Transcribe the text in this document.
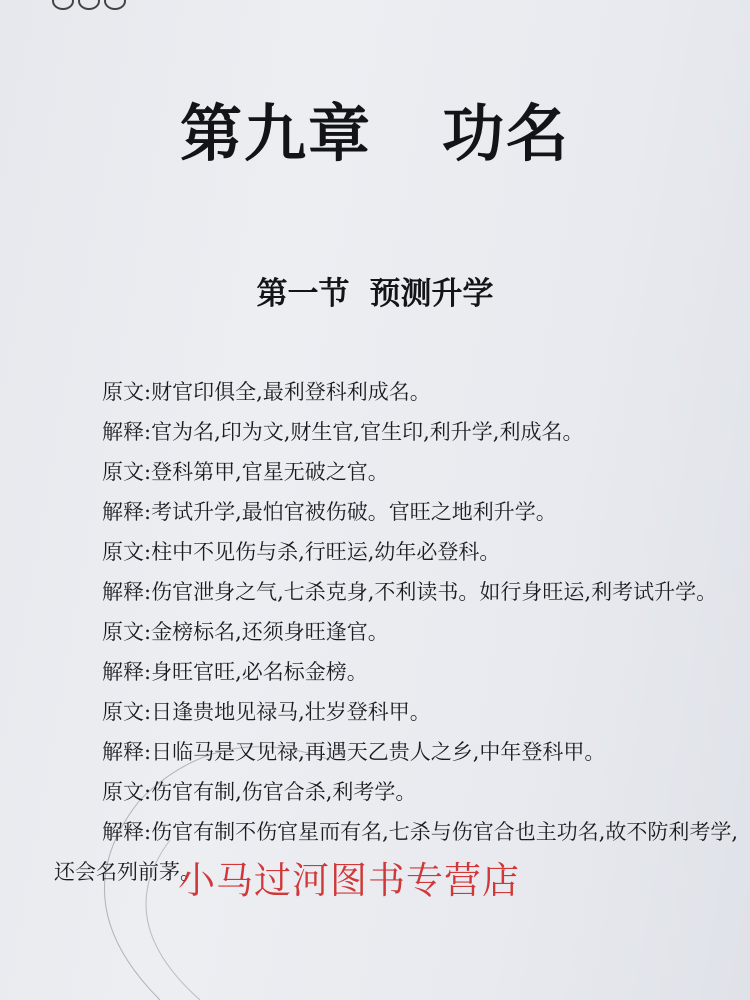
第九章 功名
第一节 预测升学

原文:财官印俱全,最利登科利成名。

解释:官为名,印为文,财生官,官生印,利升学,利成名。

原文:登科第甲,官星无破之官。

解释:考试升学,最怕官被伤破。官旺之地利升学。

原文:柱中不见伤与杀,行旺运,幼年必登科。

解释:伤官泄身之气,七杀克身,不利读书。如行身旺运,利考试升学。

原文:金榜标名,还须身旺逢官。

解释:身旺官旺,必名标金榜。

原文:日逢贵地见禄马,壮岁登科甲。

解释:日临马是又见禄,再遇天乙贵人之乡,中年登科甲。

原文:伤官有制,伤官合杀,利考学。

解释:伤官有制不伤官星而有名,七杀与伤官合也主功名,故不防利考学,还会名列前茅。

小马过河图书专营店
